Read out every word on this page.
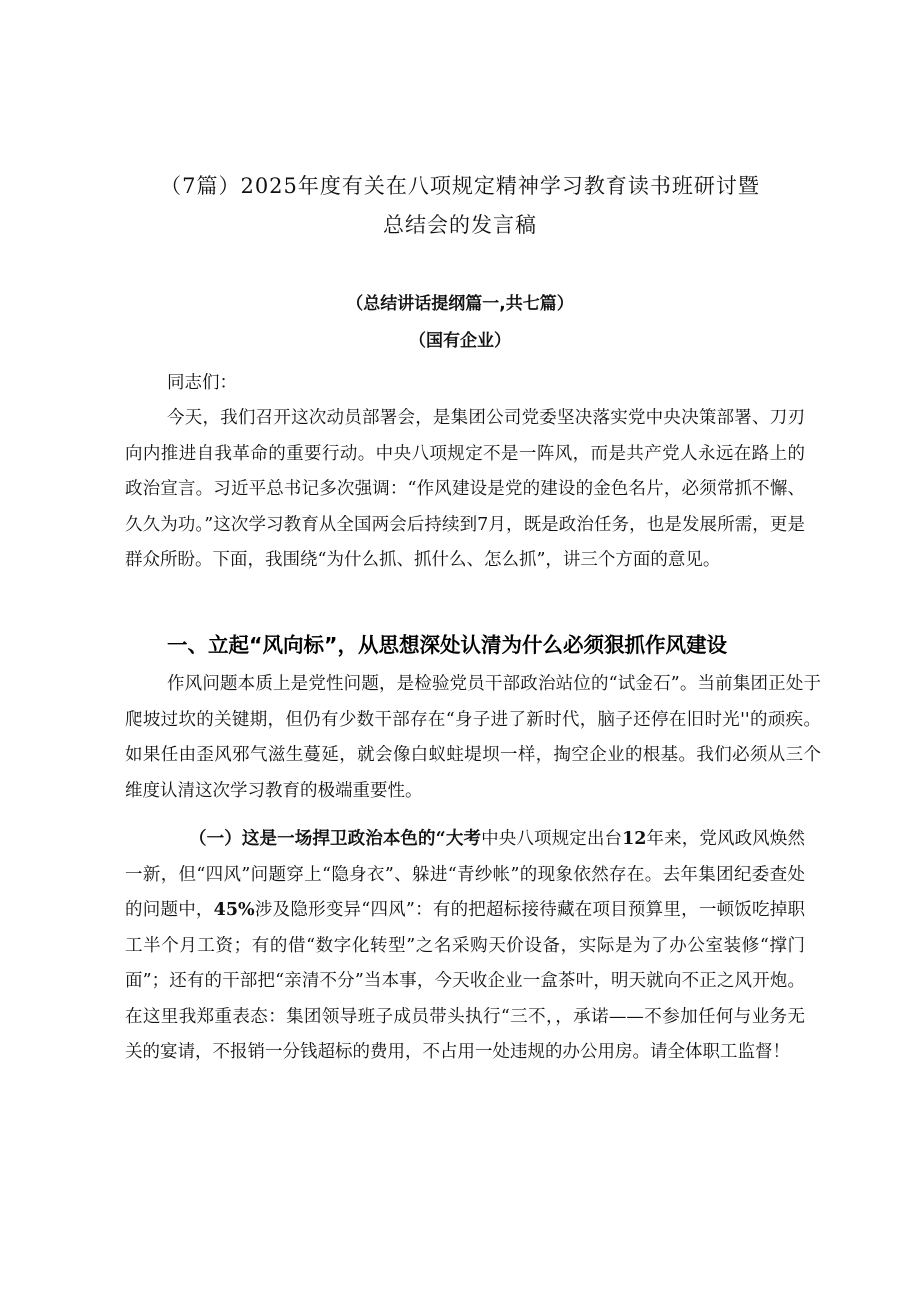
（7篇）2025年度有关在八项规定精神学习教育读书班研讨暨
总结会的发言稿
（总结讲话提纲篇一,共七篇）
（国有企业）
同志们：
今天，我们召开这次动员部署会，是集团公司党委坚决落实党中央决策部署、刀刃向内推进自我革命的重要行动。中央八项规定不是一阵风，而是共产党人永远在路上的政治宣言。习近平总书记多次强调：“作风建设是党的建设的金色名片，必须常抓不懈、久久为功。”这次学习教育从全国两会后持续到7月，既是政治任务，也是发展所需，更是群众所盼。下面，我围绕“为什么抓、抓什么、怎么抓”，讲三个方面的意见。
一、立起“风向标”，从思想深处认清为什么必须狠抓作风建设
作风问题本质上是党性问题，是检验党员干部政治站位的“试金石”。当前集团正处于爬坡过坎的关键期，但仍有少数干部存在“身子进了新时代，脑子还停在旧时光''的顽疾。如果任由歪风邪气滋生蔓延，就会像白蚁蛀堤坝一样，掏空企业的根基。我们必须从三个维度认清这次学习教育的极端重要性。
（一）这是一场捍卫政治本色的“大考中央八项规定出台12年来，党风政风焕然一新，但“四风”问题穿上“隐身衣”、躲进“青纱帐”的现象依然存在。去年集团纪委查处的问题中，45%涉及隐形变异“四风”：有的把超标接待藏在项目预算里，一顿饭吃掉职工半个月工资；有的借“数字化转型”之名采购天价设备，实际是为了办公室装修“撑门面”；还有的干部把“亲清不分”当本事，今天收企业一盒茶叶，明天就向不正之风开炮。在这里我郑重表态：集团领导班子成员带头执行“三不，，承诺——不参加任何与业务无关的宴请，不报销一分钱超标的费用，不占用一处违规的办公用房。请全体职工监督！
